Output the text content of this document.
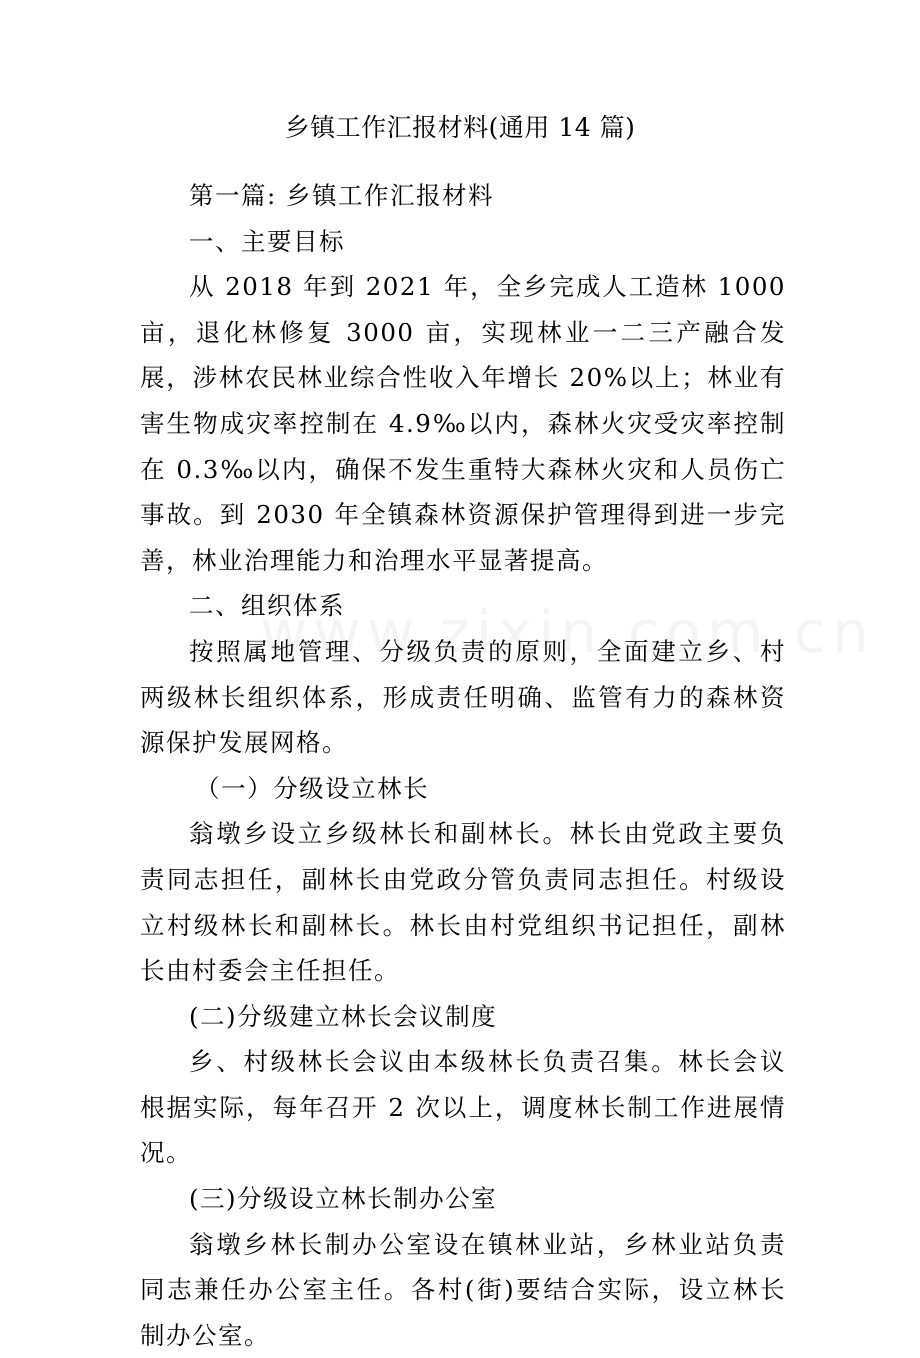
乡镇工作汇报材料(通用 14 篇)

第一篇: 乡镇工作汇报材料

一、主要目标

从 2018 年到 2021 年，全乡完成人工造林 1000 亩，退化林修复 3000 亩，实现林业一二三产融合发展，涉林农民林业综合性收入年增长 20%以上；林业有害生物成灾率控制在 4.9‰以内，森林火灾受灾率控制在 0.3‰以内，确保不发生重特大森林火灾和人员伤亡事故。到 2030 年全镇森林资源保护管理得到进一步完善，林业治理能力和治理水平显著提高。

二、组织体系

按照属地管理、分级负责的原则，全面建立乡、村两级林长组织体系，形成责任明确、监管有力的森林资源保护发展网格。

（一）分级设立林长

翁墩乡设立乡级林长和副林长。林长由党政主要负责同志担任，副林长由党政分管负责同志担任。村级设立村级林长和副林长。林长由村党组织书记担任，副林长由村委会主任担任。

(二)分级建立林长会议制度

乡、村级林长会议由本级林长负责召集。林长会议根据实际，每年召开 2 次以上，调度林长制工作进展情况。

(三)分级设立林长制办公室

翁墩乡林长制办公室设在镇林业站，乡林业站负责同志兼任办公室主任。各村(街)要结合实际，设立林长制办公室。
